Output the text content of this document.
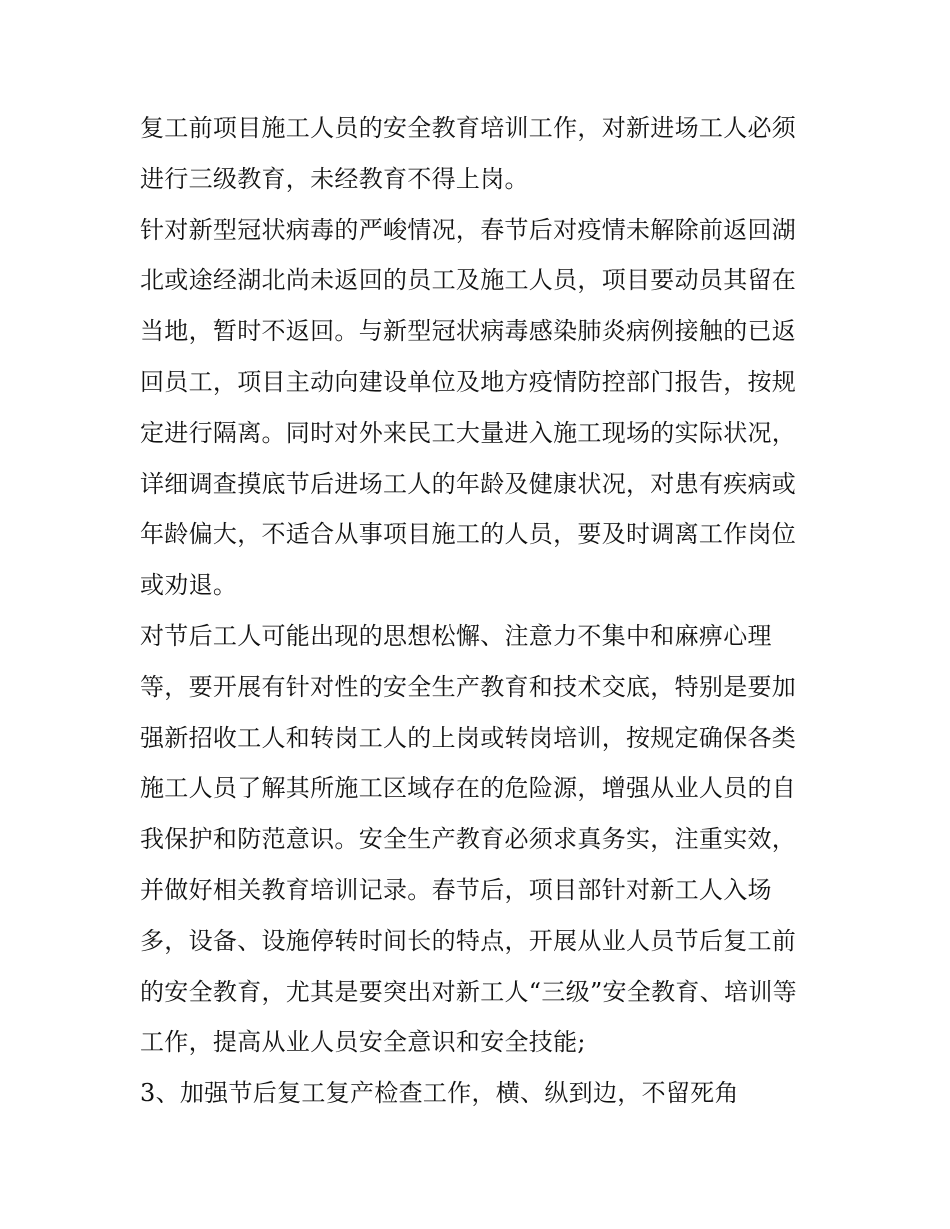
复工前项目施工人员的安全教育培训工作，对新进场工人必须
进行三级教育，未经教育不得上岗。
针对新型冠状病毒的严峻情况，春节后对疫情未解除前返回湖
北或途经湖北尚未返回的员工及施工人员，项目要动员其留在
当地，暂时不返回。与新型冠状病毒感染肺炎病例接触的已返
回员工，项目主动向建设单位及地方疫情防控部门报告，按规
定进行隔离。同时对外来民工大量进入施工现场的实际状况，
详细调查摸底节后进场工人的年龄及健康状况，对患有疾病或
年龄偏大，不适合从事项目施工的人员，要及时调离工作岗位
或劝退。
对节后工人可能出现的思想松懈、注意力不集中和麻痹心理
等，要开展有针对性的安全生产教育和技术交底，特别是要加
强新招收工人和转岗工人的上岗或转岗培训，按规定确保各类
施工人员了解其所施工区域存在的危险源，增强从业人员的自
我保护和防范意识。安全生产教育必须求真务实，注重实效，
并做好相关教育培训记录。春节后，项目部针对新工人入场
多，设备、设施停转时间长的特点，开展从业人员节后复工前
的安全教育，尤其是要突出对新工人“三级”安全教育、培训等
工作，提高从业人员安全意识和安全技能;
3、加强节后复工复产检查工作，横、纵到边，不留死角
